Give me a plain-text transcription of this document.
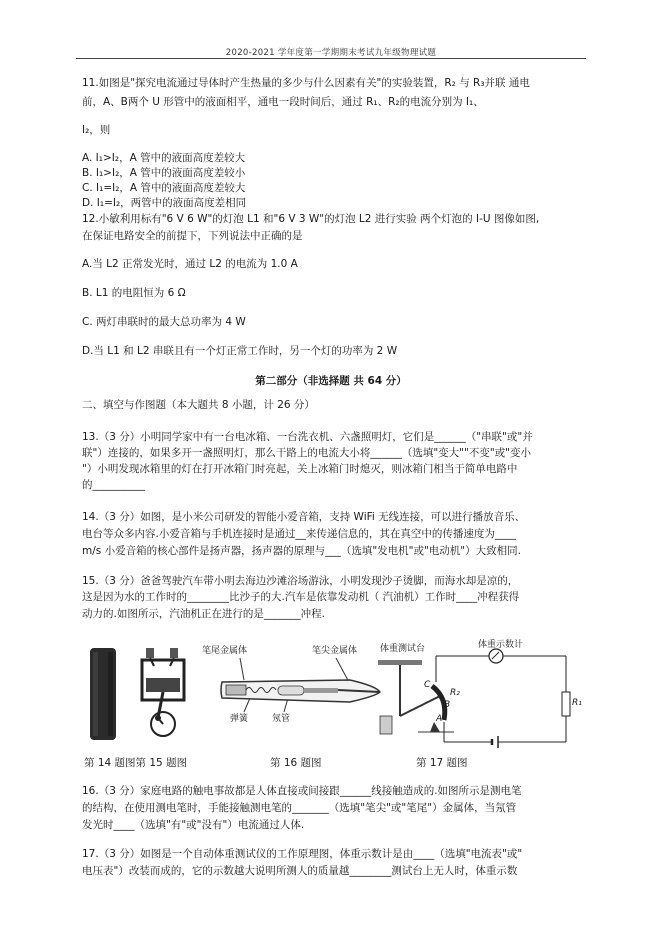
2020-2021 学年度第一学期期末考试九年级物理试题
11.如图是"探究电流通过导体时产生热量的多少与什么因素有关"的实验装置，R₂ 与 R₃并联 通电
前，A、B两个 U 形管中的液面相平，通电一段时间后，通过 R₁、R₂的电流分别为 I₁、
I₂，则
A. I₁>I₂，A 管中的液面高度差较大
B. I₁>I₂，A 管中的液面高度差较小
C. I₁=I₂，A 管中的液面高度差较大
D. I₁=I₂，两管中的液面高度差相同
12.小敏利用标有"6 V 6 W"的灯泡 L1 和"6 V 3 W"的灯泡 L2 进行实验 两个灯泡的 I-U 图像如图,
在保证电路安全的前提下，下列说法中正确的是
A.当 L2 正常发光时，通过 L2 的电流为 1.0 A
B. L1 的电阻恒为 6 Ω
C. 两灯串联时的最大总功率为 4 W
D.当 L1 和 L2 串联且有一个灯正常工作时，另一个灯的功率为 2 W
第二部分（非选择题 共 64 分）
二、填空与作图题（本大题共 8 小题，计 26 分）
13.（3 分）小明同学家中有一台电冰箱、一台洗衣机、六盏照明灯，它们是______（"串联"或"并
联"）连接的，如果多开一盏照明灯，那么干路上的电流大小将______（选填"变大""不变"或"变小
"）小明发现冰箱里的灯在打开冰箱门时亮起，关上冰箱门时熄灭，则冰箱门相当于简单电路中
的__________
14.（3 分）如图，是小米公司研发的智能小爱音箱，支持 WiFi 无线连接，可以进行播放音乐、
电台等众多内容.小爱音箱与手机连接时是通过__来传递信息的，其在真空中的传播速度为____
m/s 小爱音箱的核心部件是扬声器，扬声器的原理与___（选填"发电机"或"电动机"）大致相同.
15.（3 分）爸爸驾驶汽车带小明去海边沙滩浴场游泳，小明发现沙子烫脚，而海水却是凉的，
这是因为水的工作时的________比沙子的大.汽车是依靠发动机（ 汽油机）工作时____冲程获得
动力的.如图所示，汽油机正在进行的是_______冲程.
笔尾金属体	笔尖金属体
弹簧	氖管
体重测试台	体重示数计
C
R₂
B
A
R₁
第 14 题图第 15 题图	第 16 题图	第 17 题图
16.（3 分）家庭电路的触电事故都是人体直接或间接跟______线接触造成的.如图所示是测电笔
的结构，在使用测电笔时，手能接触测电笔的_______（选填"笔尖"或"笔尾"）金属体，当氖管
发光时____（选填"有"或"没有"）电流通过人体.
17.（3 分）如图是一个自动体重测试仪的工作原理图，体重示数计是由____（选填"电流表"或"
电压表"）改装而成的，它的示数越大说明所测人的质量越________测试台上无人时，体重示数
